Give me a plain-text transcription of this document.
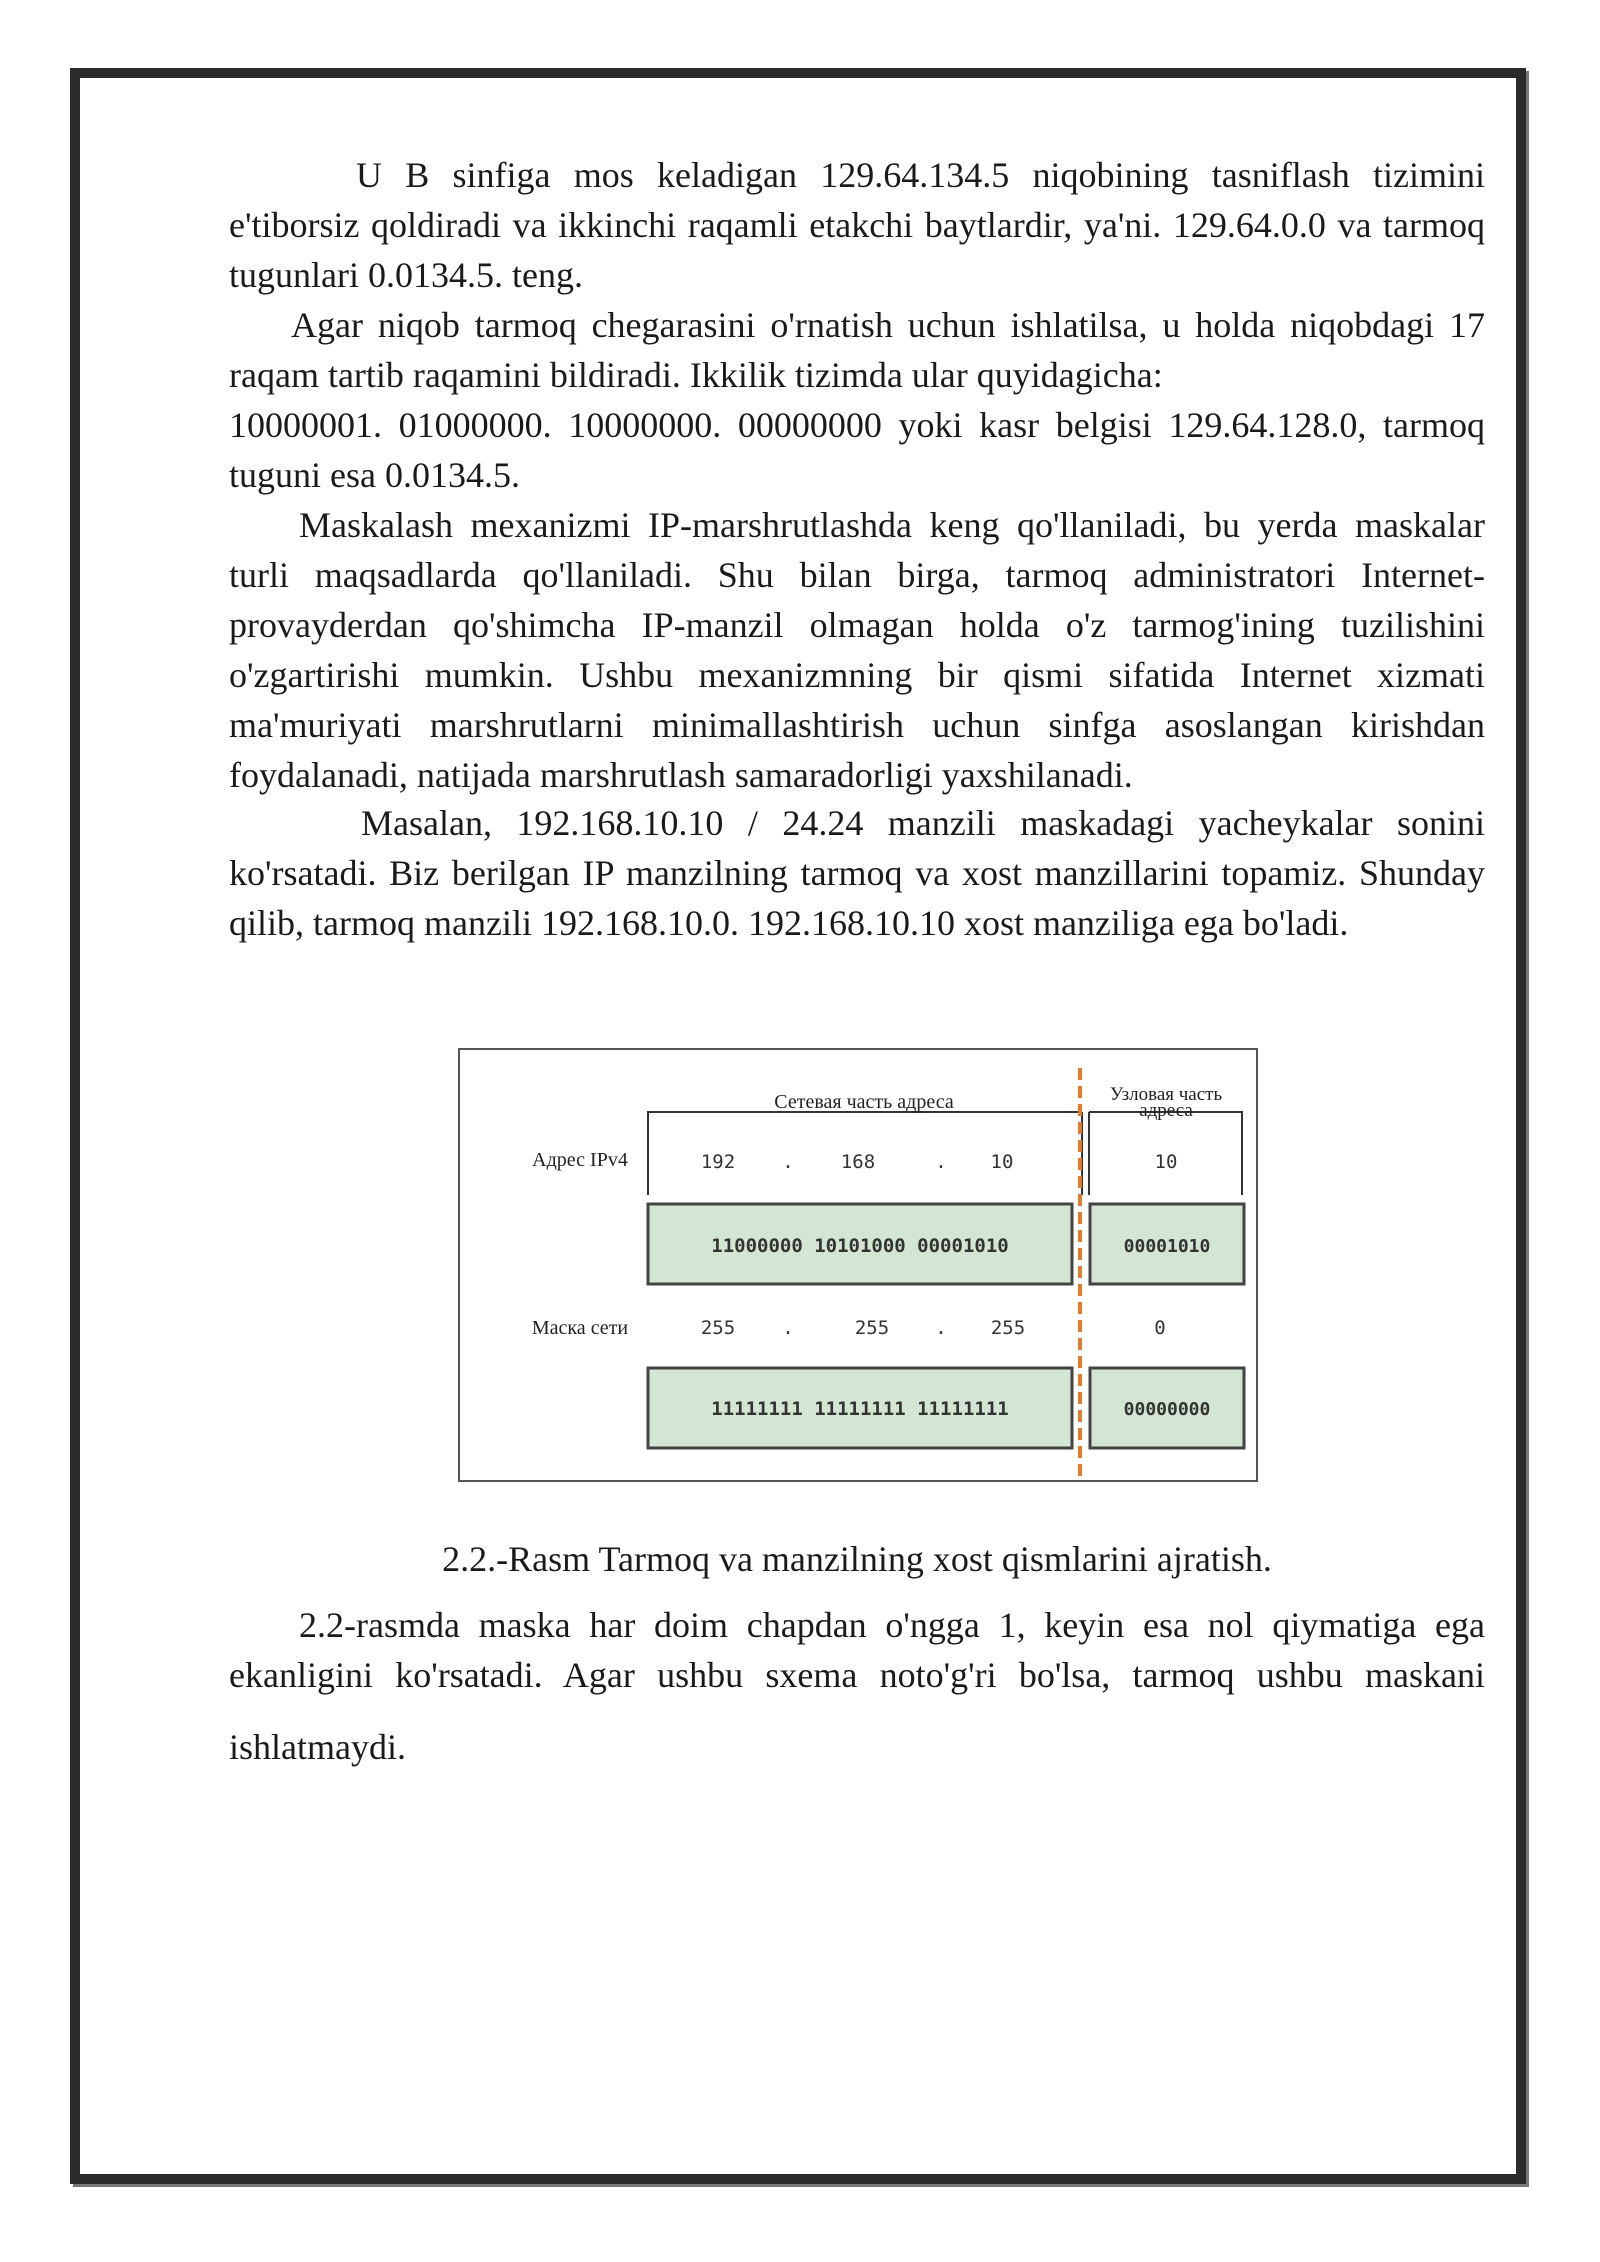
U B sinfiga mos keladigan 129.64.134.5 niqobining tasniflash tizimini e'tiborsiz qoldiradi va ikkinchi raqamli etakchi baytlardir, ya'ni. 129.64.0.0 va tarmoq tugunlari 0.0134.5. teng.

Agar niqob tarmoq chegarasini o'rnatish uchun ishlatilsa, u holda niqobdagi 17 raqam tartib raqamini bildiradi. Ikkilik tizimda ular quyidagicha:

10000001. 01000000. 10000000. 00000000 yoki kasr belgisi 129.64.128.0, tarmoq

tuguni esa 0.0134.5.

Maskalash mexanizmi IP-marshrutlashda keng qo'llaniladi, bu yerda maskalar turli maqsadlarda qo'llaniladi. Shu bilan birga, tarmoq administratori Internet-provayderdan qo'shimcha IP-manzil olmagan holda o'z tarmog'ining tuzilishini o'zgartirishi mumkin. Ushbu mexanizmning bir qismi sifatida Internet xizmati ma'muriyati marshrutlarni minimallashtirish uchun sinfga asoslangan kirishdan foydalanadi, natijada marshrutlash samaradorligi yaxshilanadi.

Masalan, 192.168.10.10 / 24.24 manzili maskadagi yacheykalar sonini ko'rsatadi. Biz berilgan IP manzilning tarmoq va xost manzillarini topamiz. Shunday qilib, tarmoq manzili 192.168.10.0. 192.168.10.10 xost manziliga ega bo'ladi.

Сетевая часть адреса	Узловая часть
адреса
Адрес IPv4
Маска сети
192 . 168	. 10	10
11000000 10101000 00001010	00001010
255 .	255 . 255	0
11111111 11111111 11111111	00000000

2.2.-Rasm Tarmoq va manzilning xost qismlarini ajratish.

2.2-rasmda maska har doim chapdan o'ngga 1, keyin esa nol qiymatiga ega ekanligini ko'rsatadi. Agar ushbu sxema noto'g'ri bo'lsa, tarmoq ushbu maskani

ishlatmaydi.
